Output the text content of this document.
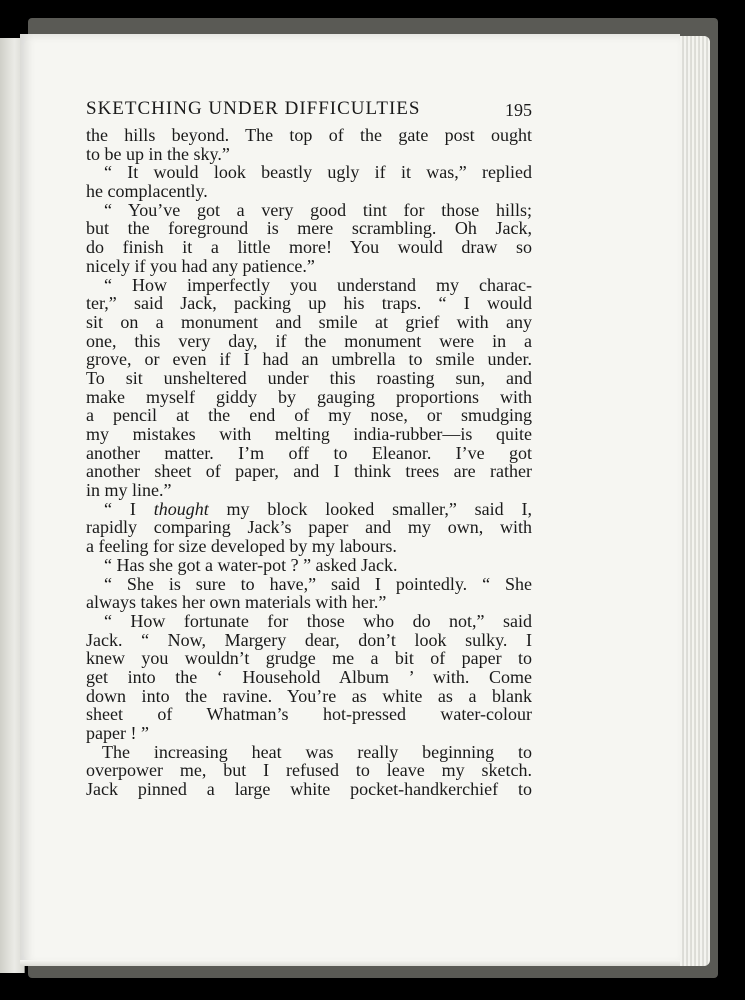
SKETCHING UNDER DIFFICULTIES	195
the hills beyond. The top of the gate post ought
to be up in the sky.”
“ It would look beastly ugly if it was,” replied
he complacently.
“ You’ve got a very good tint for those hills;
but the foreground is mere scrambling. Oh Jack,
do finish it a little more! You would draw so
nicely if you had any patience.”
“ How imperfectly you understand my charac-
ter,” said Jack, packing up his traps. “ I would
sit on a monument and smile at grief with any
one, this very day, if the monument were in a
grove, or even if I had an umbrella to smile under.
To sit unsheltered under this roasting sun, and
make myself giddy by gauging proportions with
a pencil at the end of my nose, or smudging
my mistakes with melting india-rubber—is quite
another matter. I’m off to Eleanor. I’ve got
another sheet of paper, and I think trees are rather
in my line.”
“ I thought my block looked smaller,” said I,
rapidly comparing Jack’s paper and my own, with
a feeling for size developed by my labours.
“ Has she got a water-pot ? ” asked Jack.
“ She is sure to have,” said I pointedly. “ She
always takes her own materials with her.”
“ How fortunate for those who do not,” said
Jack. “ Now, Margery dear, don’t look sulky. I
knew you wouldn’t grudge me a bit of paper to
get into the ‘ Household Album ’ with. Come
down into the ravine. You’re as white as a blank
sheet of Whatman’s hot-pressed water-colour
paper ! ”
The increasing heat was really beginning to
overpower me, but I refused to leave my sketch.
Jack pinned a large white pocket-handkerchief to
